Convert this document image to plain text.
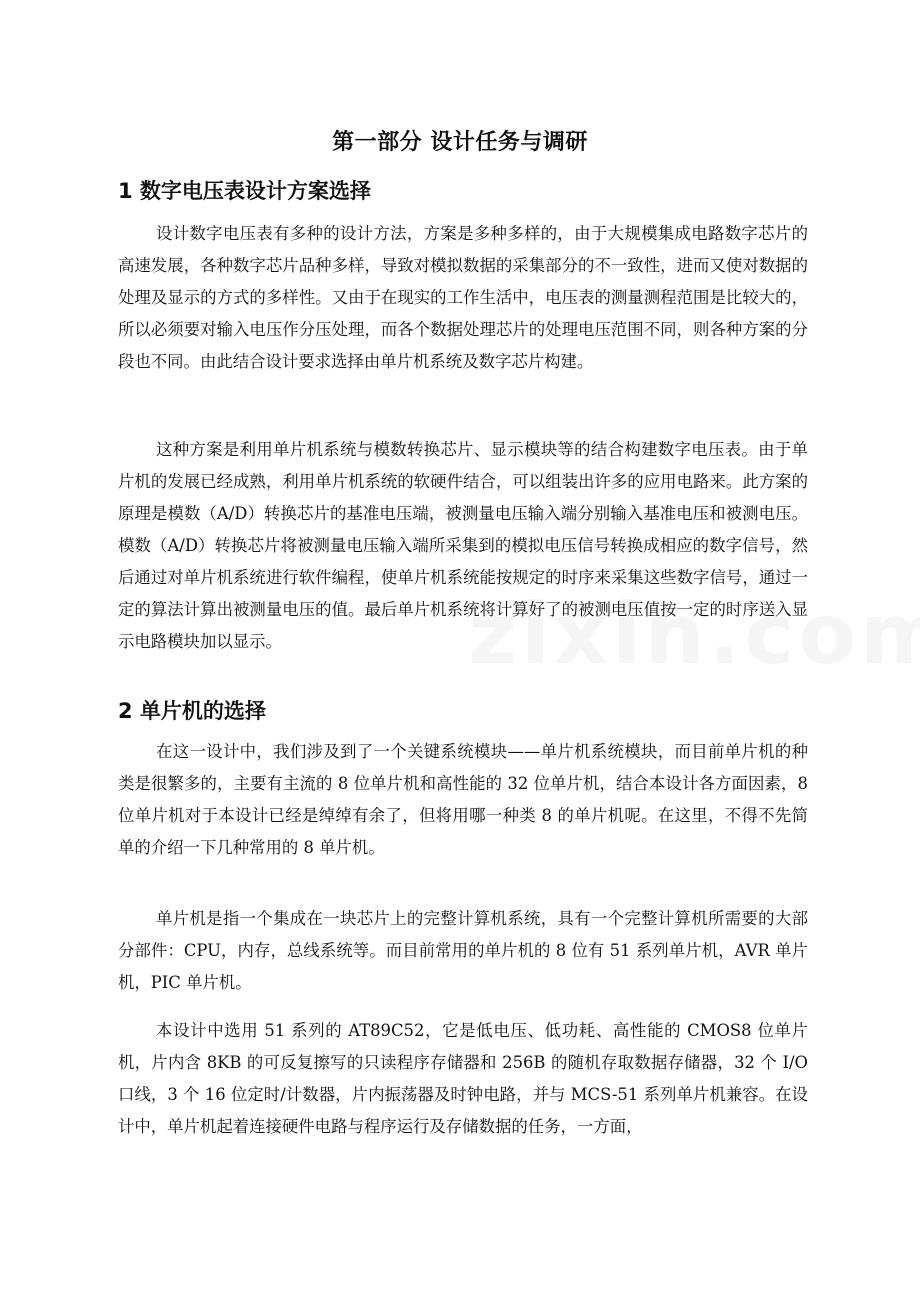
第一部分 设计任务与调研
1 数字电压表设计方案选择

设计数字电压表有多种的设计方法，方案是多种多样的，由于大规模集成电路数字芯片的高速发展，各种数字芯片品种多样，导致对模拟数据的采集部分的不一致性，进而又使对数据的处理及显示的方式的多样性。又由于在现实的工作生活中，电压表的测量测程范围是比较大的，所以必须要对输入电压作分压处理，而各个数据处理芯片的处理电压范围不同，则各种方案的分段也不同。由此结合设计要求选择由单片机系统及数字芯片构建。

这种方案是利用单片机系统与模数转换芯片、显示模块等的结合构建数字电压表。由于单片机的发展已经成熟，利用单片机系统的软硬件结合，可以组装出许多的应用电路来。此方案的原理是模数（A/D）转换芯片的基准电压端，被测量电压输入端分别输入基准电压和被测电压。模数（A/D）转换芯片将被测量电压输入端所采集到的模拟电压信号转换成相应的数字信号，然后通过对单片机系统进行软件编程，使单片机系统能按规定的时序来采集这些数字信号，通过一定的算法计算出被测量电压的值。最后单片机系统将计算好了的被测电压值按一定的时序送入显示电路模块加以显示。

2 单片机的选择

在这一设计中，我们涉及到了一个关键系统模块——单片机系统模块，而目前单片机的种类是很繁多的，主要有主流的 8 位单片机和高性能的 32 位单片机，结合本设计各方面因素，8 位单片机对于本设计已经是绰绰有余了，但将用哪一种类 8 的单片机呢。在这里，不得不先简单的介绍一下几种常用的 8 单片机。

单片机是指一个集成在一块芯片上的完整计算机系统，具有一个完整计算机所需要的大部分部件：CPU，内存，总线系统等。而目前常用的单片机的 8 位有 51 系列单片机，AVR 单片机，PIC 单片机。

本设计中选用 51 系列的 AT89C52，它是低电压、低功耗、高性能的 CMOS8 位单片机，片内含 8KB 的可反复擦写的只读程序存储器和 256B 的随机存取数据存储器，32 个 I/O 口线，3 个 16 位定时/计数器，片内振荡器及时钟电路，并与 MCS-51 系列单片机兼容。在设计中，单片机起着连接硬件电路与程序运行及存储数据的任务，一方面，
